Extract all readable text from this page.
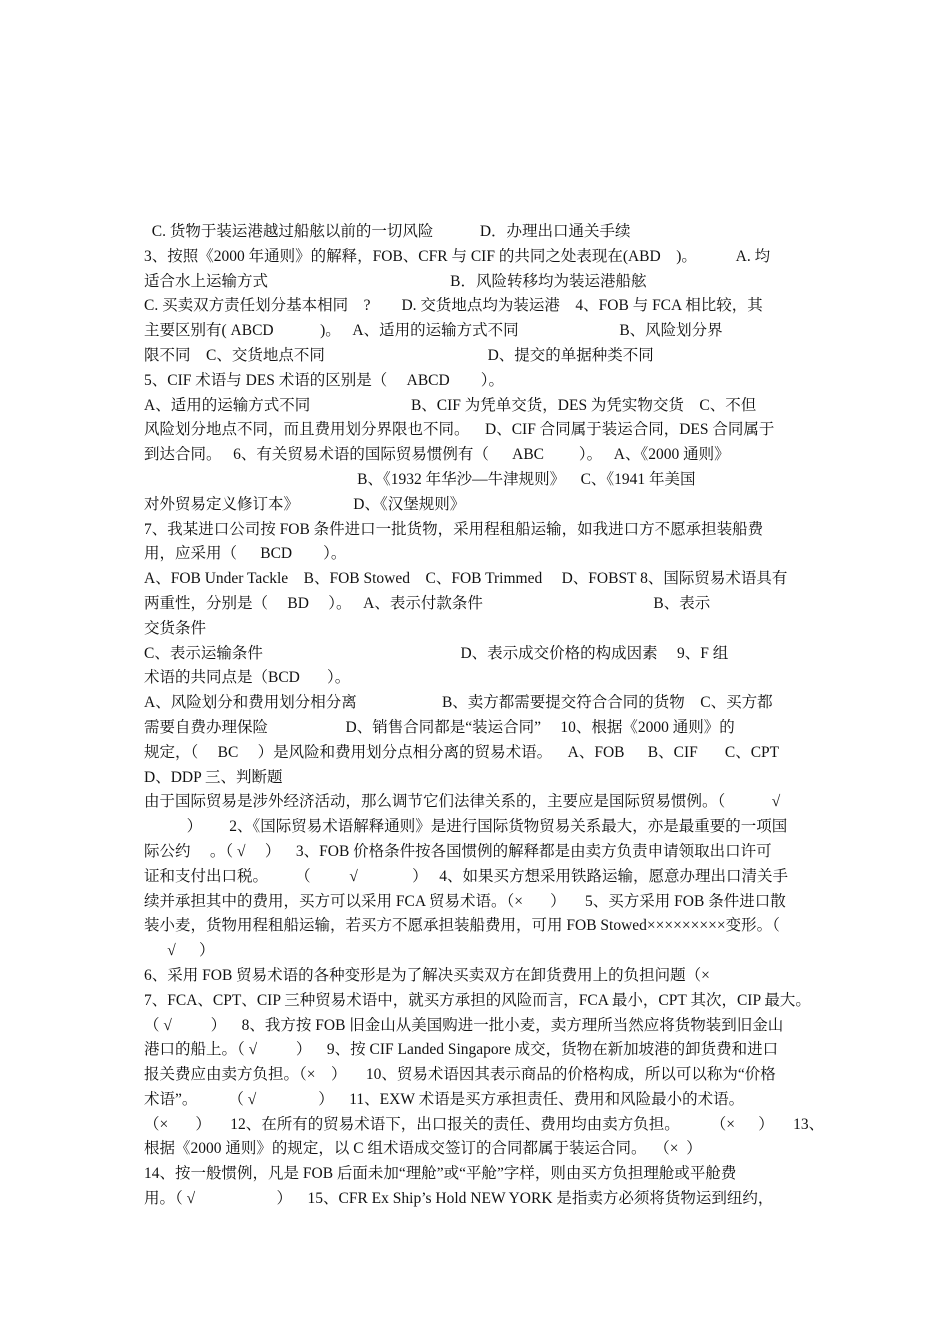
C. 货物于装运港越过船舷以前的一切风险            D．办理出口通关手续
3、按照《2000 年通则》的解释，FOB、CFR 与 CIF 的共同之处表现在(ABD    )。          A. 均
适合水上运输方式                                               B．风险转移均为装运港船舷
C. 买卖双方责任划分基本相同    ?        D. 交货地点均为装运港    4、FOB 与 FCA 相比较，其
主要区别有( ABCD            )。   A、适用的运输方式不同                          B、风险划分界
限不同    C、交货地点不同                                          D、提交的单据种类不同
5、CIF 术语与 DES 术语的区别是（     ABCD        ）。
A、适用的运输方式不同                          B、CIF 为凭单交货，DES 为凭实物交货    C、不但
风险划分地点不同，而且费用划分界限也不同。    D、CIF 合同属于装运合同，DES 合同属于
到达合同。   6、有关贸易术语的国际贸易惯例有（      ABC         ）。   A、《2000 通则》
B、《1932 年华沙—牛津规则》    C、《1941 年美国
对外贸易定义修订本》              D、《汉堡规则》
7、我某进口公司按 FOB 条件进口一批货物，采用程租船运输，如我进口方不愿承担装船费
用，应采用（      BCD        ）。
A、FOB Under Tackle    B、FOB Stowed    C、FOB Trimmed     D、FOBST 8、国际贸易术语具有
两重性，分别是（     BD     ）。   A、表示付款条件                                            B、表示
交货条件
C、表示运输条件                                                   D、表示成交价格的构成因素     9、F 组
术语的共同点是（BCD       ）。
A、风险划分和费用划分相分离                      B、卖方都需要提交符合合同的货物    C、买方都
需要自费办理保险                    D、销售合同都是“装运合同”     10、根据《2000 通则》的
规定，（     BC     ）是风险和费用划分点相分离的贸易术语。    A、FOB      B、CIF       C、CPT
D、DDP 三、判断题
由于国际贸易是涉外经济活动，那么调节它们法律关系的，主要应是国际贸易惯例。（            √
）       2、《国际贸易术语解释通则》是进行国际货物贸易关系最大，亦是最重要的一项国
际公约     。（ √     ）    3、FOB 价格条件按各国惯例的解释都是由卖方负责申请领取出口许可
证和支付出口税。       （          √              ）   4、如果买方想采用铁路运输，愿意办理出口清关手
续并承担其中的费用，买方可以采用 FCA 贸易术语。（×       ）     5、买方采用 FOB 条件进口散
装小麦，货物用程租船运输，若买方不愿承担装船费用，可用 FOB Stowed×××××××××变形。（
√      ）
6、采用 FOB 贸易术语的各种变形是为了解决买卖双方在卸货费用上的负担问题（×
7、FCA、CPT、CIP 三种贸易术语中，就买方承担的风险而言，FCA 最小，CPT 其次，CIP 最大。
（ √          ）    8、我方按 FOB 旧金山从美国购进一批小麦，卖方理所当然应将货物装到旧金山
港口的船上。（ √          ）    9、按 CIF Landed Singapore 成交，货物在新加坡港的卸货费和进口
报关费应由卖方负担。（×    ）     10、贸易术语因其表示商品的价格构成，所以可以称为“价格
术语”。        （ √                ）    11、EXW 术语是买方承担责任、费用和风险最小的术语。
（×       ）     12、在所有的贸易术语下，出口报关的责任、费用均由卖方负担。        （×      ）     13、
根据《2000 通则》的规定，以 C 组术语成交签订的合同都属于装运合同。  （×  ）
14、按一般惯例，凡是 FOB 后面未加“理舱”或“平舱”字样，则由买方负担理舱或平舱费
用。（ √                     ）    15、CFR Ex Ship’s Hold NEW YORK 是指卖方必须将货物运到纽约，
